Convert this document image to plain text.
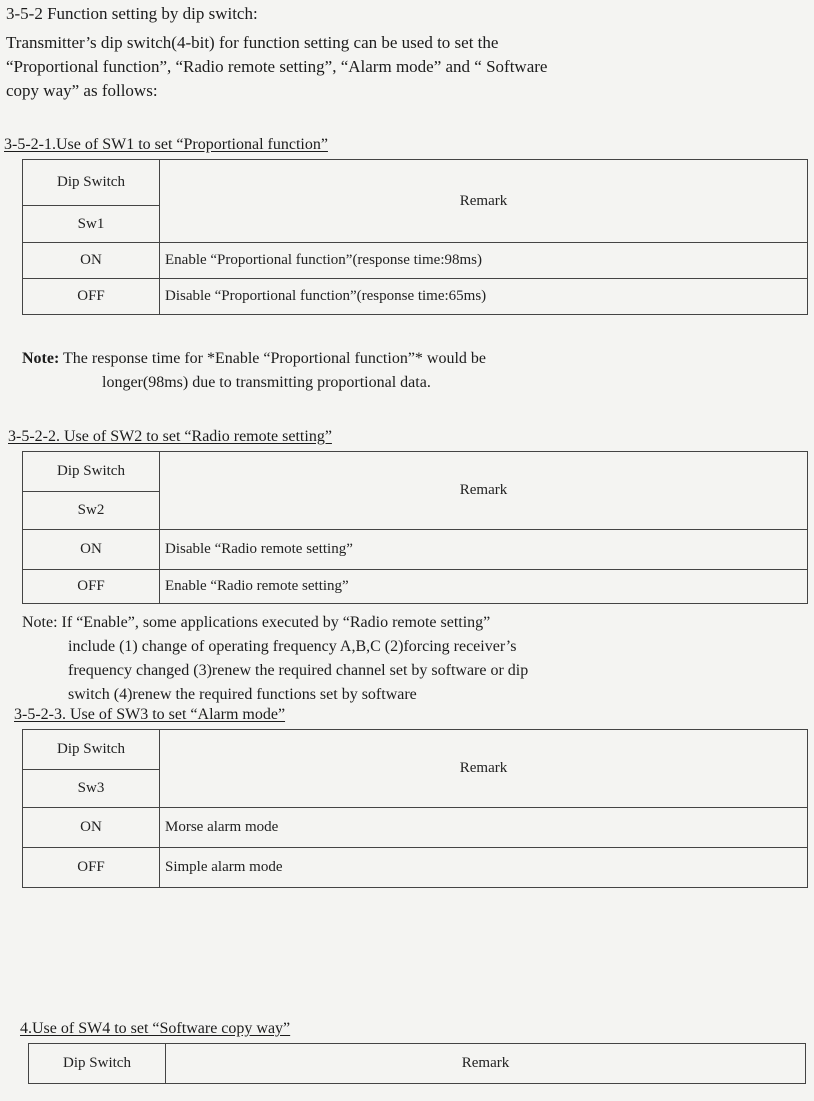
3-5-2 Function setting by dip switch:
Transmitter’s dip switch(4-bit) for function setting can be used to set the
“Proportional function”, “Radio remote setting”, “Alarm mode” and “ Software
copy way” as follows:
3-5-2-1.Use of SW1 to set “Proportional function”
Dip Switch	Remark
Sw1	
ON	Enable “Proportional function”(response time:98ms)
OFF	Disable “Proportional function”(response time:65ms)
Note: The response time for *Enable “Proportional function”* would be
longer(98ms) due to transmitting proportional data.
3-5-2-2. Use of SW2 to set “Radio remote setting”
Dip Switch	Remark
Sw2	
ON	Disable “Radio remote setting”
OFF	Enable “Radio remote setting”
Note: If “Enable”, some applications executed by “Radio remote setting”
include (1) change of operating frequency A,B,C (2)forcing receiver’s
frequency changed (3)renew the required channel set by software or dip
switch (4)renew the required functions set by software
3-5-2-3. Use of SW3 to set “Alarm mode”
Dip Switch	Remark
Sw3	
ON	Morse alarm mode
OFF	Simple alarm mode
4.Use of SW4 to set “Software copy way”
Dip Switch	Remark
